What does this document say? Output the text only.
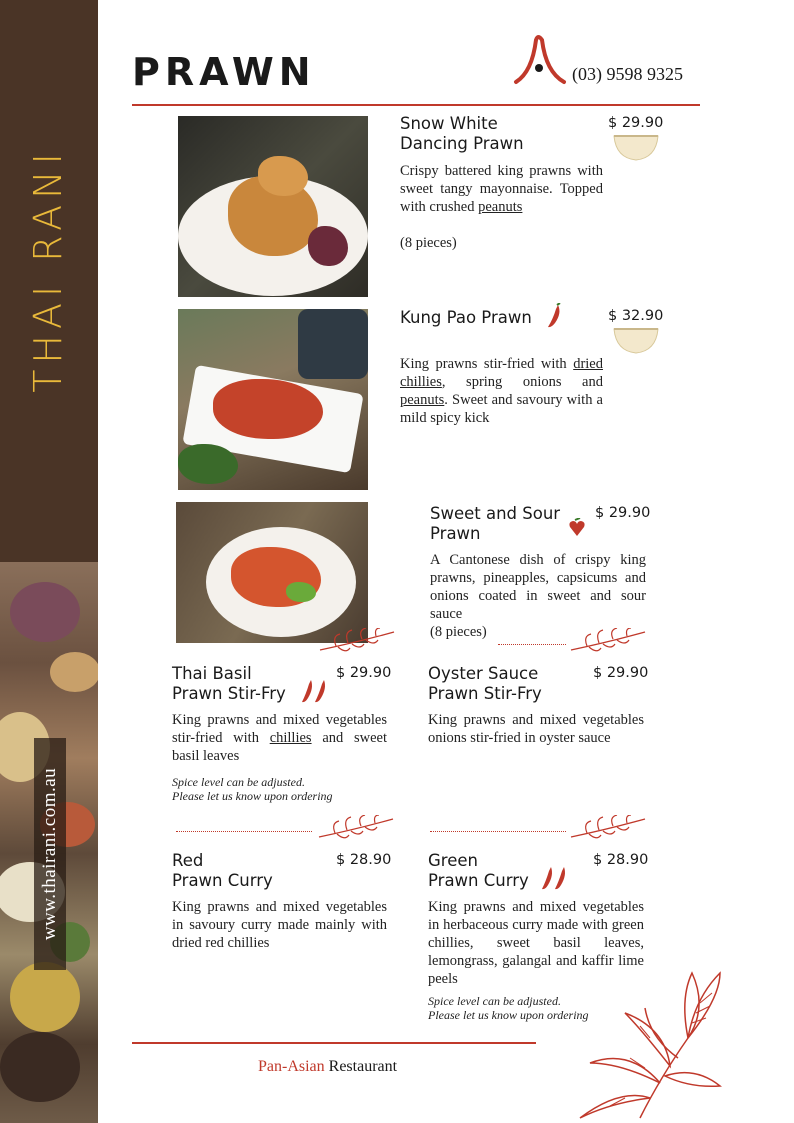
THAI RANI
www.thairani.com.au
PRAWN	(03) 9598 9325
Snow White
Dancing Prawn
$ 29.90
Crispy battered king prawns with sweet tangy mayonnaise. Topped with crushed peanuts
(8 pieces)
Kung Pao Prawn	$ 32.90
King prawns stir-fried with dried chillies, spring onions and peanuts. Sweet and savoury with a mild spicy kick
Sweet and Sour
Prawn
$ 29.90
A Cantonese dish of crispy king prawns, pineapples, capsicums and onions coated in sweet and sour sauce
(8 pieces)
Thai Basil
Prawn Stir-Fry
$ 29.90
King prawns and mixed vegetables stir-fried with chillies and sweet basil leaves
Spice level can be adjusted.
Please let us know upon ordering
Oyster Sauce
Prawn Stir-Fry
$ 29.90
King prawns and mixed vegetables onions stir-fried in oyster sauce
Red
Prawn Curry
$ 28.90
King prawns and mixed vegetables in savoury curry made mainly with dried red chillies
Green
Prawn Curry
$ 28.90
King prawns and mixed vegetables in herbaceous curry made with green chillies, sweet basil leaves, lemongrass, galangal and kaffir lime peels
Spice level can be adjusted.
Please let us know upon ordering
Pan-Asian Restaurant
